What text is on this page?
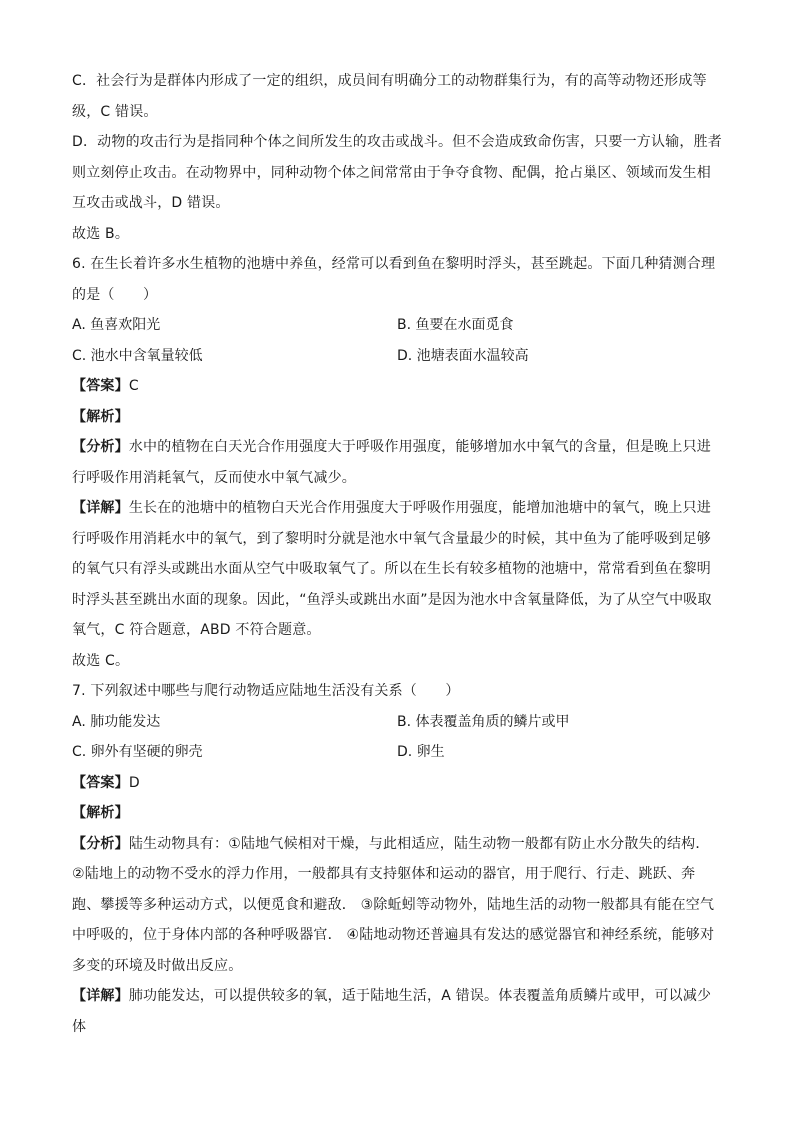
C．社会行为是群体内形成了一定的组织，成员间有明确分工的动物群集行为，有的高等动物还形成等级，C 错误。

D．动物的攻击行为是指同种个体之间所发生的攻击或战斗。但不会造成致命伤害，只要一方认输，胜者则立刻停止攻击。在动物界中，同种动物个体之间常常由于争夺食物、配偶，抢占巢区、领域而发生相互攻击或战斗，D 错误。

故选 B。

6. 在生长着许多水生植物的池塘中养鱼，经常可以看到鱼在黎明时浮头，甚至跳起。下面几种猜测合理的是（　　）

A. 鱼喜欢阳光	B. 鱼要在水面觅食
C. 池水中含氧量较低	D. 池塘表面水温较高

【答案】C

【解析】

【分析】水中的植物在白天光合作用强度大于呼吸作用强度，能够增加水中氧气的含量，但是晚上只进行呼吸作用消耗氧气，反而使水中氧气减少。

【详解】生长在的池塘中的植物白天光合作用强度大于呼吸作用强度，能增加池塘中的氧气，晚上只进行呼吸作用消耗水中的氧气，到了黎明时分就是池水中氧气含量最少的时候，其中鱼为了能呼吸到足够的氧气只有浮头或跳出水面从空气中吸取氧气了。所以在生长有较多植物的池塘中，常常看到鱼在黎明时浮头甚至跳出水面的现象。因此，“鱼浮头或跳出水面”是因为池水中含氧量降低，为了从空气中吸取氧气，C 符合题意，ABD 不符合题意。

故选 C。

7. 下列叙述中哪些与爬行动物适应陆地生活没有关系（　　）

A. 肺功能发达	B. 体表覆盖角质的鳞片或甲
C. 卵外有坚硬的卵壳	D. 卵生

【答案】D

【解析】

【分析】陆生动物具有：①陆地气候相对干燥，与此相适应，陆生动物一般都有防止水分散失的结构． ②陆地上的动物不受水的浮力作用，一般都具有支持躯体和运动的器官，用于爬行、行走、跳跃、奔跑、攀援等多种运动方式，以便觅食和避敌． ③除蚯蚓等动物外，陆地生活的动物一般都具有能在空气中呼吸的，位于身体内部的各种呼吸器官． ④陆地动物还普遍具有发达的感觉器官和神经系统，能够对多变的环境及时做出反应。

【详解】肺功能发达，可以提供较多的氧，适于陆地生活，A 错误。体表覆盖角质鳞片或甲，可以减少体
